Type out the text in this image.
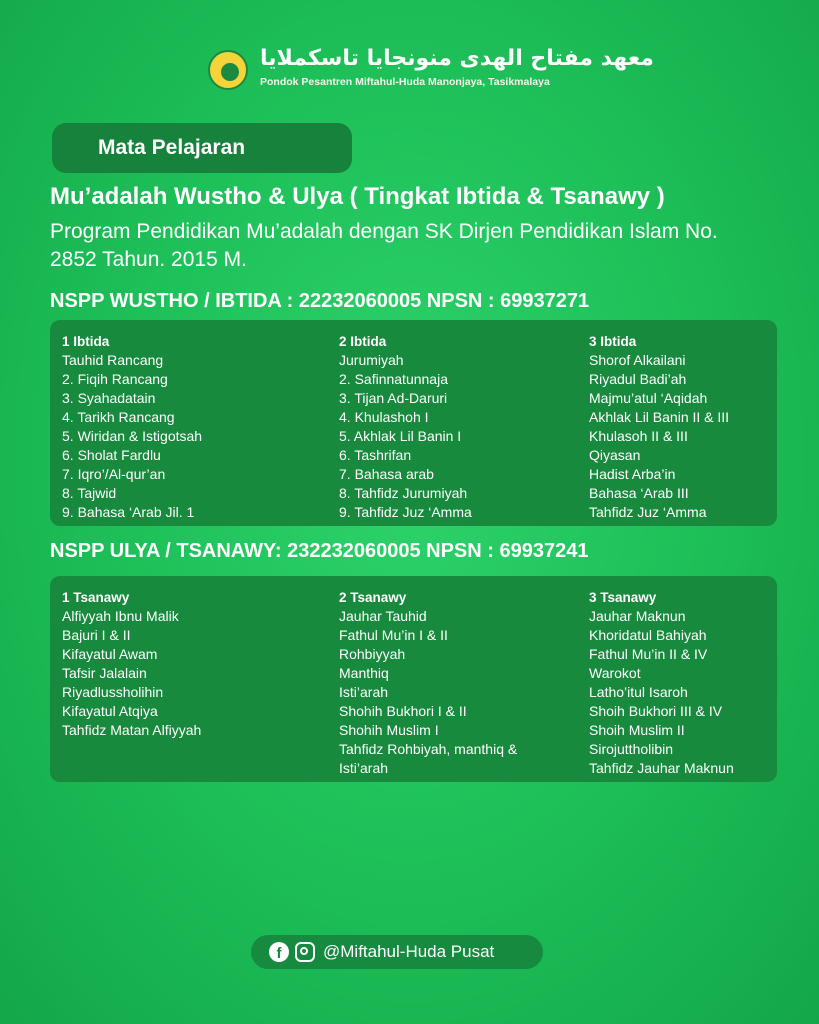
معهد مفتاح الهدى منونجايا تاسكملايا
Pondok Pesantren Miftahul-Huda Manonjaya, Tasikmalaya
Mata Pelajaran
Mu’adalah Wustho & Ulya ( Tingkat Ibtida & Tsanawy )
Program Pendidikan Mu’adalah dengan SK Dirjen Pendidikan Islam No. 2852 Tahun. 2015 M.
NSPP WUSTHO / IBTIDA : 22232060005 NPSN : 69937271
1 Ibtida
Tauhid Rancang
2. Fiqih Rancang
3. Syahadatain
4. Tarikh Rancang
5. Wiridan & Istigotsah
6. Sholat Fardlu
7. Iqro’/Al-qur’an
8. Tajwid
9. Bahasa ‘Arab Jil. 1
2 Ibtida
Jurumiyah
2. Safinnatunnaja
3. Tijan Ad-Daruri
4. Khulashoh I
5. Akhlak Lil Banin I
6. Tashrifan
7. Bahasa arab
8. Tahfidz Jurumiyah
9. Tahfidz Juz ‘Amma
3 Ibtida
Shorof Alkailani
Riyadul Badi’ah
Majmu’atul ‘Aqidah
Akhlak Lil Banin II & III
Khulasoh II & III
Qiyasan
Hadist Arba’in
Bahasa ‘Arab III
Tahfidz Juz ‘Amma
NSPP ULYA / TSANAWY: 232232060005 NPSN : 69937241
1 Tsanawy
Alfiyyah Ibnu Malik
Bajuri I & II
Kifayatul Awam
Tafsir Jalalain
Riyadlussholihin
Kifayatul Atqiya
Tahfidz Matan Alfiyyah
2 Tsanawy
Jauhar Tauhid
Fathul Mu’in I & II
Rohbiyyah
Manthiq
Isti’arah
Shohih Bukhori I & II
Shohih Muslim I
Tahfidz Rohbiyah, manthiq & Isti’arah
3 Tsanawy
Jauhar Maknun
Khoridatul Bahiyah
Fathul Mu’in II & IV
Warokot
Latho’itul Isaroh
Shoih Bukhori III & IV
Shoih Muslim II
Sirojuttholibin
Tahfidz Jauhar Maknun
f	@Miftahul-Huda Pusat
